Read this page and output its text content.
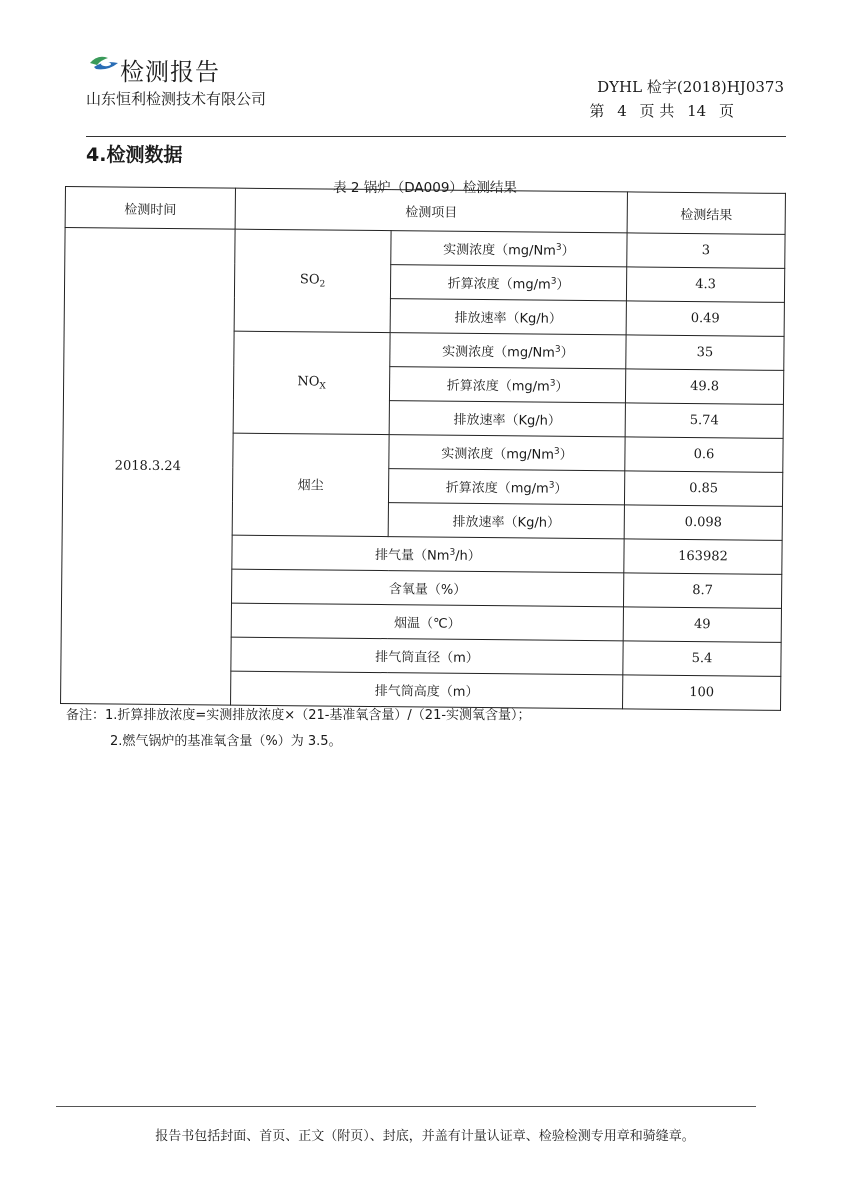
检测报告
山东恒利检测技术有限公司
DYHL 检字(2018)HJ0373
第 4 页 共 14 页
4.检测数据
表 2 锅炉（DA009）检测结果
检测时间	检测项目		检测结果
2018.3.24	$SO_2$	实测浓度（mg/Nm$^3$）	3
		折算浓度$(mg/m^3)$	4.3
		排放速率（Kg/h）	0.49
	$NO_X$	实测浓度（mg/Nm$^3$）	35
		折算浓度$(mg/m^3)$	49.8
		排放速率（Kg/h）	5.74
	烟尘	实测浓度（mg/Nm$^3$）	0.6
		折算浓度$(mg/m^3)$	0.85
		排放速率（Kg/h）	0.098
	排气量（Nm$^3$/h）		163982
	含氧量（%）		8.7
	烟温（℃）		49
	排气筒直径（m）		5.4
	排气筒高度（m）		100
备注：1.折算排放浓度=实测排放浓度×（21-基准氧含量）/（21-实测氧含量）；
2.燃气锅炉的基准氧含量（%）为 3.5。
报告书包括封面、首页、正文（附页）、封底，并盖有计量认证章、检验检测专用章和骑缝章。
